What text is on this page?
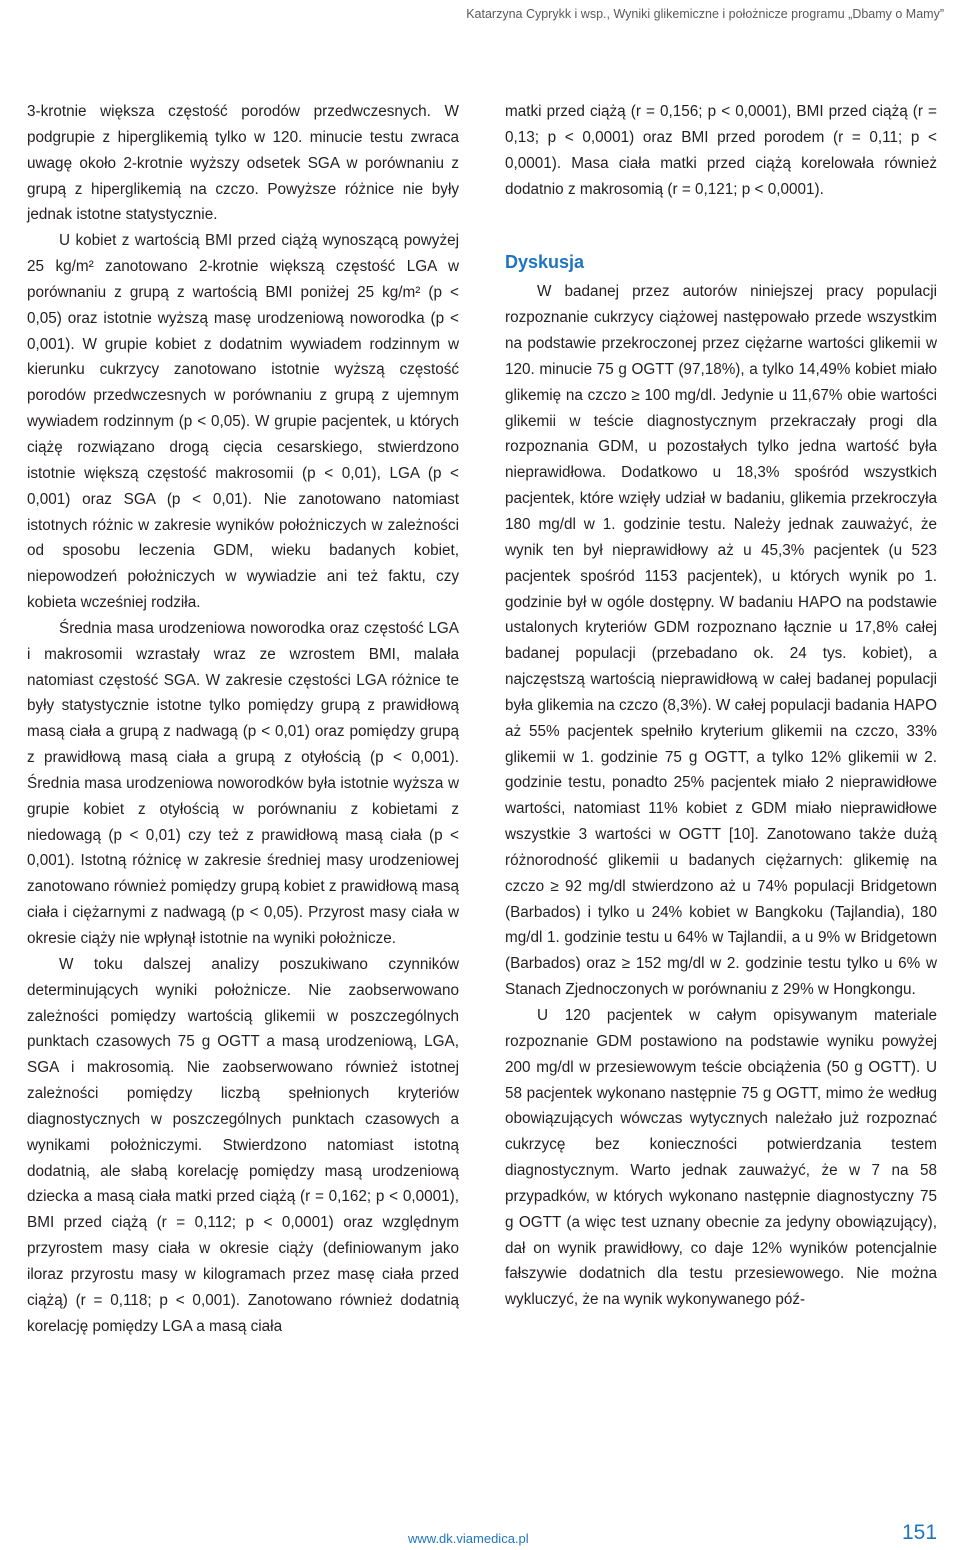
Katarzyna Cyprykk i wsp., Wyniki glikemiczne i położnicze programu „Dbamy o Mamy”

3-krotnie większa częstość porodów przedwczesnych. W podgrupie z hiperglikemią tylko w 120. minucie testu zwraca uwagę około 2-krotnie wyższy odsetek SGA w porównaniu z grupą z hiperglikemią na czczo. Powyższe różnice nie były jednak istotne statystycznie.

U kobiet z wartością BMI przed ciążą wynoszącą powyżej 25 kg/m² zanotowano 2-krotnie większą częstość LGA w porównaniu z grupą z wartością BMI poniżej 25 kg/m² (p < 0,05) oraz istotnie wyższą masę urodzeniową noworodka (p < 0,001). W grupie kobiet z dodatnim wywiadem rodzinnym w kierunku cukrzycy zanotowano istotnie wyższą częstość porodów przedwczesnych w porównaniu z grupą z ujemnym wywiadem rodzinnym (p < 0,05). W grupie pacjentek, u których ciążę rozwiązano drogą cięcia cesarskiego, stwierdzono istotnie większą częstość makrosomii (p < 0,01), LGA (p < 0,001) oraz SGA (p < 0,01). Nie zanotowano natomiast istotnych różnic w zakresie wyników położniczych w zależności od sposobu leczenia GDM, wieku badanych kobiet, niepowodzeń położniczych w wywiadzie ani też faktu, czy kobieta wcześniej rodziła.

Średnia masa urodzeniowa noworodka oraz częstość LGA i makrosomii wzrastały wraz ze wzrostem BMI, malała natomiast częstość SGA. W zakresie częstości LGA różnice te były statystycznie istotne tylko pomiędzy grupą z prawidłową masą ciała a grupą z nadwagą (p < 0,01) oraz pomiędzy grupą z prawidłową masą ciała a grupą z otyłością (p < 0,001). Średnia masa urodzeniowa noworodków była istotnie wyższa w grupie kobiet z otyłością w porównaniu z kobietami z niedowagą (p < 0,01) czy też z prawidłową masą ciała (p < 0,001). Istotną różnicę w zakresie średniej masy urodzeniowej zanotowano również pomiędzy grupą kobiet z prawidłową masą ciała i ciężarnymi z nadwagą (p < 0,05). Przyrost masy ciała w okresie ciąży nie wpłynął istotnie na wyniki położnicze.

W toku dalszej analizy poszukiwano czynników determinujących wyniki położnicze. Nie zaobserwowano zależności pomiędzy wartością glikemii w poszczególnych punktach czasowych 75 g OGTT a masą urodzeniową, LGA, SGA i makrosomią. Nie zaobserwowano również istotnej zależności pomiędzy liczbą spełnionych kryteriów diagnostycznych w poszczególnych punktach czasowych a wynikami położniczymi. Stwierdzono natomiast istotną dodatnią, ale słabą korelację pomiędzy masą urodzeniową dziecka a masą ciała matki przed ciążą (r = 0,162; p < 0,0001), BMI przed ciążą (r = 0,112; p < 0,0001) oraz względnym przyrostem masy ciała w okresie ciąży (definiowanym jako iloraz przyrostu masy w kilogramach przez masę ciała przed ciążą) (r = 0,118; p < 0,001). Zanotowano również dodatnią korelację pomiędzy LGA a masą ciała

matki przed ciążą (r = 0,156; p < 0,0001), BMI przed ciążą (r = 0,13; p < 0,0001) oraz BMI przed porodem (r = 0,11; p < 0,0001). Masa ciała matki przed ciążą korelowała również dodatnio z makrosomią (r = 0,121; p < 0,0001).

Dyskusja

W badanej przez autorów niniejszej pracy populacji rozpoznanie cukrzycy ciążowej następowało przede wszystkim na podstawie przekroczonej przez ciężarne wartości glikemii w 120. minucie 75 g OGTT (97,18%), a tylko 14,49% kobiet miało glikemię na czczo ≥ 100 mg/dl. Jedynie u 11,67% obie wartości glikemii w teście diagnostycznym przekraczały progi dla rozpoznania GDM, u pozostałych tylko jedna wartość była nieprawidłowa. Dodatkowo u 18,3% spośród wszystkich pacjentek, które wzięły udział w badaniu, glikemia przekroczyła 180 mg/dl w 1. godzinie testu. Należy jednak zauważyć, że wynik ten był nieprawidłowy aż u 45,3% pacjentek (u 523 pacjentek spośród 1153 pacjentek), u których wynik po 1. godzinie był w ogóle dostępny. W badaniu HAPO na podstawie ustalonych kryteriów GDM rozpoznano łącznie u 17,8% całej badanej populacji (przebadano ok. 24 tys. kobiet), a najczęstszą wartością nieprawidłową w całej badanej populacji była glikemia na czczo (8,3%). W całej populacji badania HAPO aż 55% pacjentek spełniło kryterium glikemii na czczo, 33% glikemii w 1. godzinie 75 g OGTT, a tylko 12% glikemii w 2. godzinie testu, ponadto 25% pacjentek miało 2 nieprawidłowe wartości, natomiast 11% kobiet z GDM miało nieprawidłowe wszystkie 3 wartości w OGTT [10]. Zanotowano także dużą różnorodność glikemii u badanych ciężarnych: glikemię na czczo ≥ 92 mg/dl stwierdzono aż u 74% populacji Bridgetown (Barbados) i tylko u 24% kobiet w Bangkoku (Tajlandia), 180 mg/dl 1. godzinie testu u 64% w Tajlandii, a u 9% w Bridgetown (Barbados) oraz ≥ 152 mg/dl w 2. godzinie testu tylko u 6% w Stanach Zjednoczonych w porównaniu z 29% w Hongkongu.

U 120 pacjentek w całym opisywanym materiale rozpoznanie GDM postawiono na podstawie wyniku powyżej 200 mg/dl w przesiewowym teście obciążenia (50 g OGTT). U 58 pacjentek wykonano następnie 75 g OGTT, mimo że według obowiązujących wówczas wytycznych należało już rozpoznać cukrzycę bez konieczności potwierdzania testem diagnostycznym. Warto jednak zauważyć, że w 7 na 58 przypadków, w których wykonano następnie diagnostyczny 75 g OGTT (a więc test uznany obecnie za jedyny obowiązujący), dał on wynik prawidłowy, co daje 12% wyników potencjalnie fałszywie dodatnich dla testu przesiewowego. Nie można wykluczyć, że na wynik wykonywanego póź-

www.dk.viamedica.pl	151
